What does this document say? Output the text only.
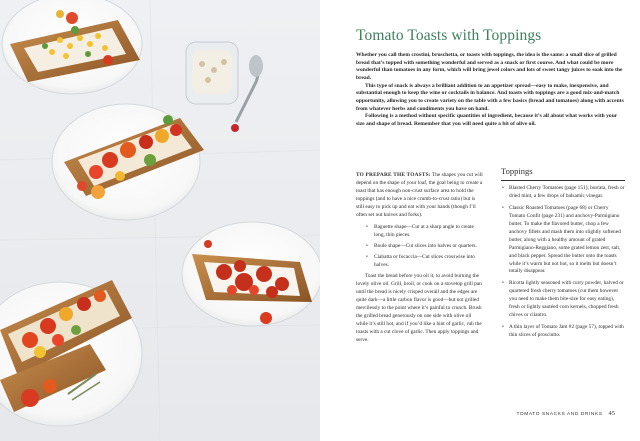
Tomato Toasts with Toppings

Whether you call them crostini, bruschetta, or toasts with toppings, the idea is the same: a small slice of grilled bread that’s topped with something wonderful and served as a snack or first course. And what could be more wonderful than tomatoes in any form, which will bring jewel colors and lots of sweet tangy juices to soak into the bread.

This type of snack is always a brilliant addition to an appetizer spread—easy to make, inexpensive, and substantial enough to keep the wine or cocktails in balance. And toasts with toppings are a good mix-and-match opportunity, allowing you to create variety on the table with a few basics (bread and tomatoes) along with accents from whatever herbs and condiments you have on hand.

Following is a method without specific quantities of ingredient, because it’s all about what works with your size and shape of bread. Remember that you will need quite a bit of olive oil.

TO PREPARE THE TOASTS: The shapes you cut will depend on the shape of your loaf, the goal being to create a toast that has enough non-crust surface area to hold the toppings (and to have a nice crumb-to-crust ratio) but is still easy to pick up and eat with your hands (though I’ll often set out knives and forks).

• Baguette shape—Cut at a sharp angle to create long, thin pieces.
• Boule shape—Cut slices into halves or quarters.
• Ciabatta or focaccia—Cut slices crosswise into halves.

Toast the bread before you oil it, to avoid burning the lovely olive oil. Grill, broil, or cook on a stovetop grill pan until the bread is nicely crisped overall and the edges are quite dark—a little carbon flavor is good—but not grilled mercilessly to the point where it’s painful to crunch. Brush the grilled bread generously on one side with olive oil while it’s still hot, and if you’d like a hint of garlic, rub the toasts with a cut clove of garlic. Then apply toppings and serve.

Toppings
• Blasted Cherry Tomatoes (page 151), burrata, fresh or dried mint, a few drops of balsamic vinegar.
• Classic Roasted Tomatoes (page 68) or Cherry Tomato Confit (page 231) and anchovy-Parmigiano butter. To make the flavored butter, chop a few anchovy fillets and mash them into slightly softened butter, along with a healthy amount of grated Parmigiano-Reggiano, some grated lemon zest, salt, and black pepper. Spread the butter onto the toasts while it’s warm but not hot, so it melts but doesn’t totally disappear.
• Ricotta lightly seasoned with curry powder, halved or quartered fresh cherry tomatoes (cut them however you need to make them bite-size for easy eating), fresh or lightly sautéed corn kernels, chopped fresh chives or cilantro.
• A thin layer of Tomato Jam #2 (page 57), topped with thin slices of prosciutto.
TOMATO SNACKS AND DRINKS 45
